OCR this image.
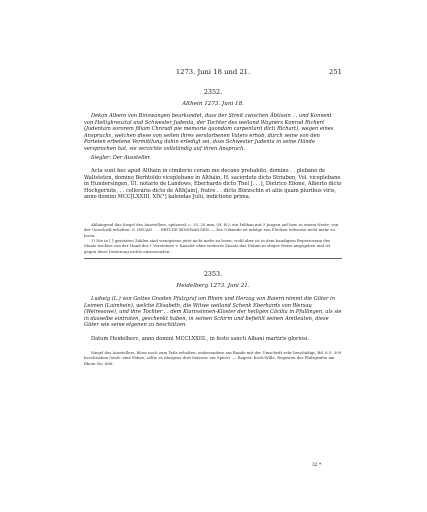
1273. Juni 18 und 21.	251
2352.
Althein 1273. Juni 18.

Dekan Albero von Binswangen beurkundet, dass der Streit zwischen Äbtissin . . und Konvent von Heiligkreuztal und Schwester Judenta, der Tochter des weiland Wagners Konrad Richert (Judentam sororem filiam Chnradi pie memorie quondam carpentarii dicti Richart), wegen eines Anspruchs, welchen diese von seiten ihres verstorbenen Vaters erhob, durch seine von den Parteien erbetene Vermittlung dahin erledigt sei, dass Schwester Judenta in seine Hände versprochen hat, sie verzichte vollständig auf ihren Anspruch.

Siegler: Der Aussteller.

Acta sunt hec apud Althain in cimiterio coram me decano prehabito, domino . . plebano de Waltsteten, domino Berhtoldo viceplebano in Althain, H. sacerdote dicto Striuben, Vol. viceplebano in Hundersingen, Ül. notario de Landows, Eberhardo dicto Thel [. . .], Dietrico Ebone, Alberto dicto Hochgeriute, . . cellerario dicto de Alth[ain], fratre . . dicto Bürzschin et aliis quam pluribus viris, anno domini MCC[LXXIII, XIV.¹] kalendas Julii, indictione prima.

Abhängend das Siegel des Ausstellers, spitzoval, c. 33, 20 mm, (H. B.): ein Pelikan mit 3 Jungen auf bzw. in einem Neste; von der Umschrift erhalten: S. DECAN . . . ERTI DE BINSWANGEN. — Die Urkunde ist infolge von Flecken teilweise nicht mehr zu lesen.

1) Die in [ ] gesetzten Zahlen sind wenigstens jetzt nicht mehr zu lesen; wohl aber ist in dem handigten Repertorium des Staats-Archivs von der Hand des † Vorstehers v. Kausler ohne weiteres Zusatz das Datum in obiger Weise angegeben und ist gegen diese Datierung nichts einzuwenden.

2353.
Heidelberg 1273. Juni 21.

Ludwig (L.) von Gottes Gnaden Pfalzgraf am Rhein und Herzog von Baiern nimmt die Güter in Leimen (Laimhein), welche Elisabeth, die Witwe weiland Schenk Eberhards von Wersau (Welresowe), und ihre Tochter . . dem Klarissinnen-Kloster der heiligen Cäcilia in Pfullingen, als sie in dasselbe eintraten, geschenkt haben, in seinen Schirm und befiehlt seinen Amtleuten, diese Güter wie seine eigenen zu beschützen.

Datum Heidelberc, anno domini MCCLXXIII., in festo sancti Albani martiris gloriosi.

Siegel des Ausstellers, bloss noch zum Teile erhalten, insbesondere am Rande mit der Umschrift sehr beschädigt, Bd. 6 S. 309 beschrieben (statt: eine Fahne, sollte es übrigens dort heissen: ein Speer). — Regest: Koch-Wille, Regesten der Pfalzgrafen am Rhein No. 886.

32 *
